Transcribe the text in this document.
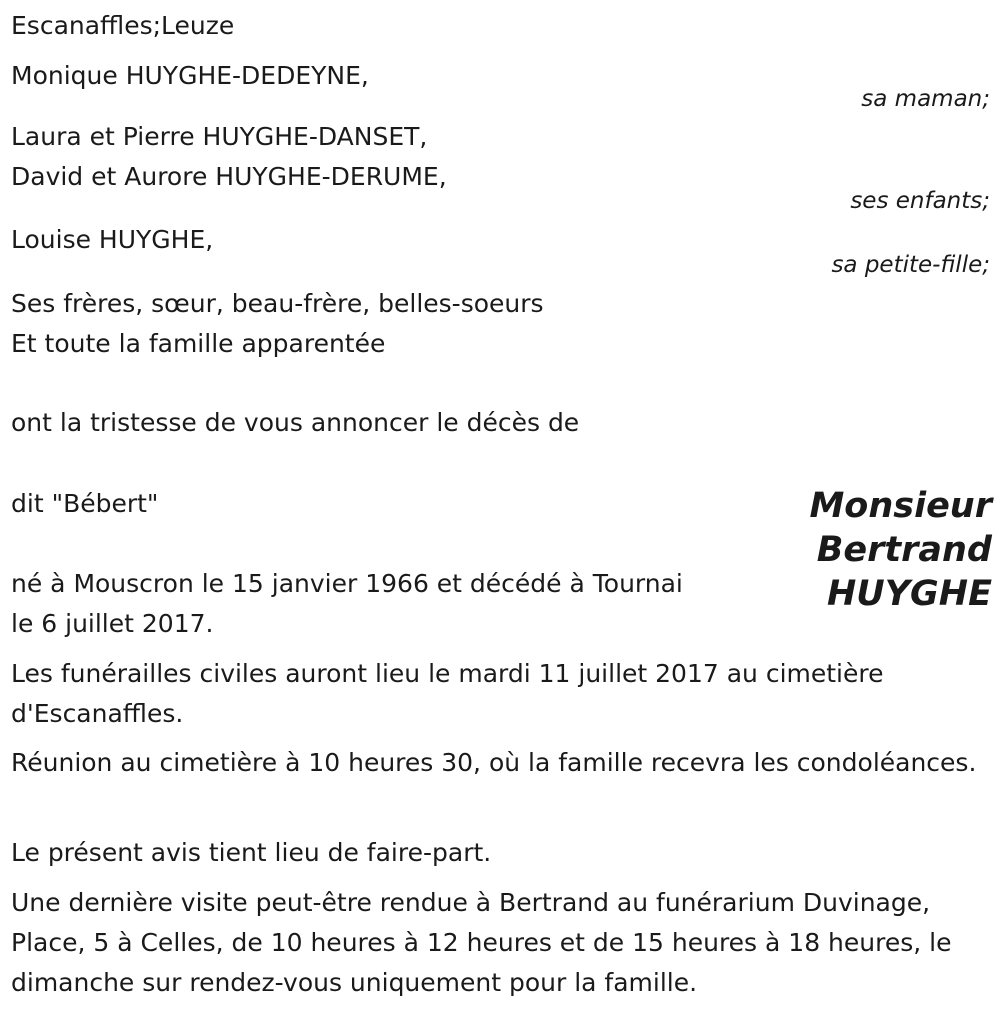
Escanaffles;Leuze
Monique HUYGHE-DEDEYNE,
sa maman;
Laura et Pierre HUYGHE-DANSET,
David et Aurore HUYGHE-DERUME,
ses enfants;
Louise HUYGHE,
sa petite-fille;
Ses frères, sœur, beau-frère, belles-soeurs
Et toute la famille apparentée
ont la tristesse de vous annoncer le décès de
dit "Bébert"	Monsieur
Bertrand
HUYGHE
né à Mouscron le 15 janvier 1966 et décédé à Tournai
le 6 juillet 2017.
Les funérailles civiles auront lieu le mardi 11 juillet 2017 au cimetière d'Escanaffles.
Réunion au cimetière à 10 heures 30, où la famille recevra les condoléances.
Le présent avis tient lieu de faire-part.
Une dernière visite peut-être rendue à Bertrand au funérarium Duvinage, Place, 5 à Celles, de 10 heures à 12 heures et de 15 heures à 18 heures, le dimanche sur rendez-vous uniquement pour la famille.
